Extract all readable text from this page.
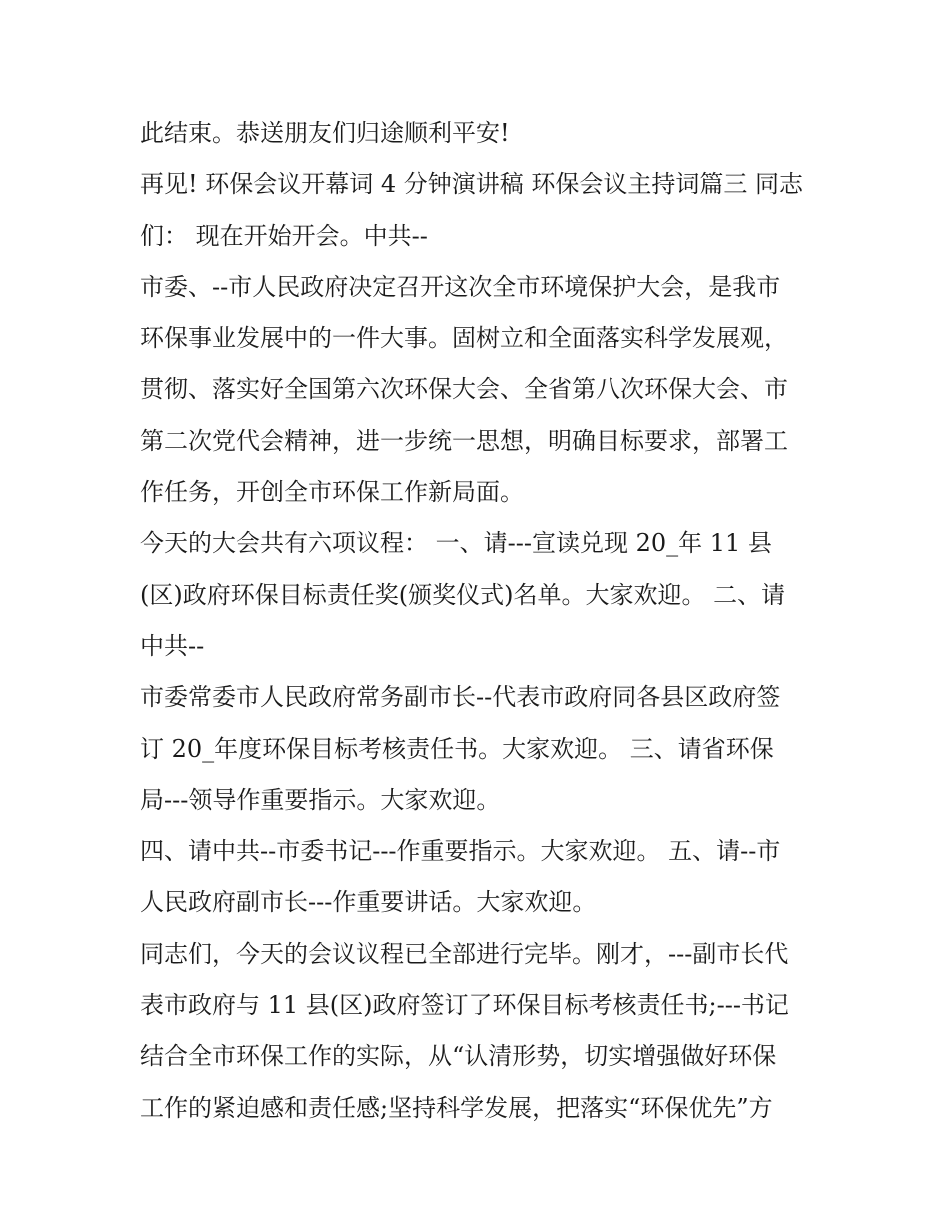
此结束。恭送朋友们归途顺利平安!
再见! 环保会议开幕词 4 分钟演讲稿 环保会议主持词篇三 同志
们： 现在开始开会。中共--
市委、--市人民政府决定召开这次全市环境保护大会，是我市
环保事业发展中的一件大事。固树立和全面落实科学发展观，
贯彻、落实好全国第六次环保大会、全省第八次环保大会、市
第二次党代会精神，进一步统一思想，明确目标要求，部署工
作任务，开创全市环保工作新局面。
今天的大会共有六项议程： 一、请---宣读兑现 20_年 11 县
(区)政府环保目标责任奖(颁奖仪式)名单。大家欢迎。 二、请
中共--
市委常委市人民政府常务副市长--代表市政府同各县区政府签
订 20_年度环保目标考核责任书。大家欢迎。 三、请省环保
局---领导作重要指示。大家欢迎。
四、请中共--市委书记---作重要指示。大家欢迎。 五、请--市
人民政府副市长---作重要讲话。大家欢迎。
同志们，今天的会议议程已全部进行完毕。刚才，---副市长代
表市政府与 11 县(区)政府签订了环保目标考核责任书;---书记
结合全市环保工作的实际，从“认清形势，切实增强做好环保
工作的紧迫感和责任感;坚持科学发展，把落实“环保优先”方
